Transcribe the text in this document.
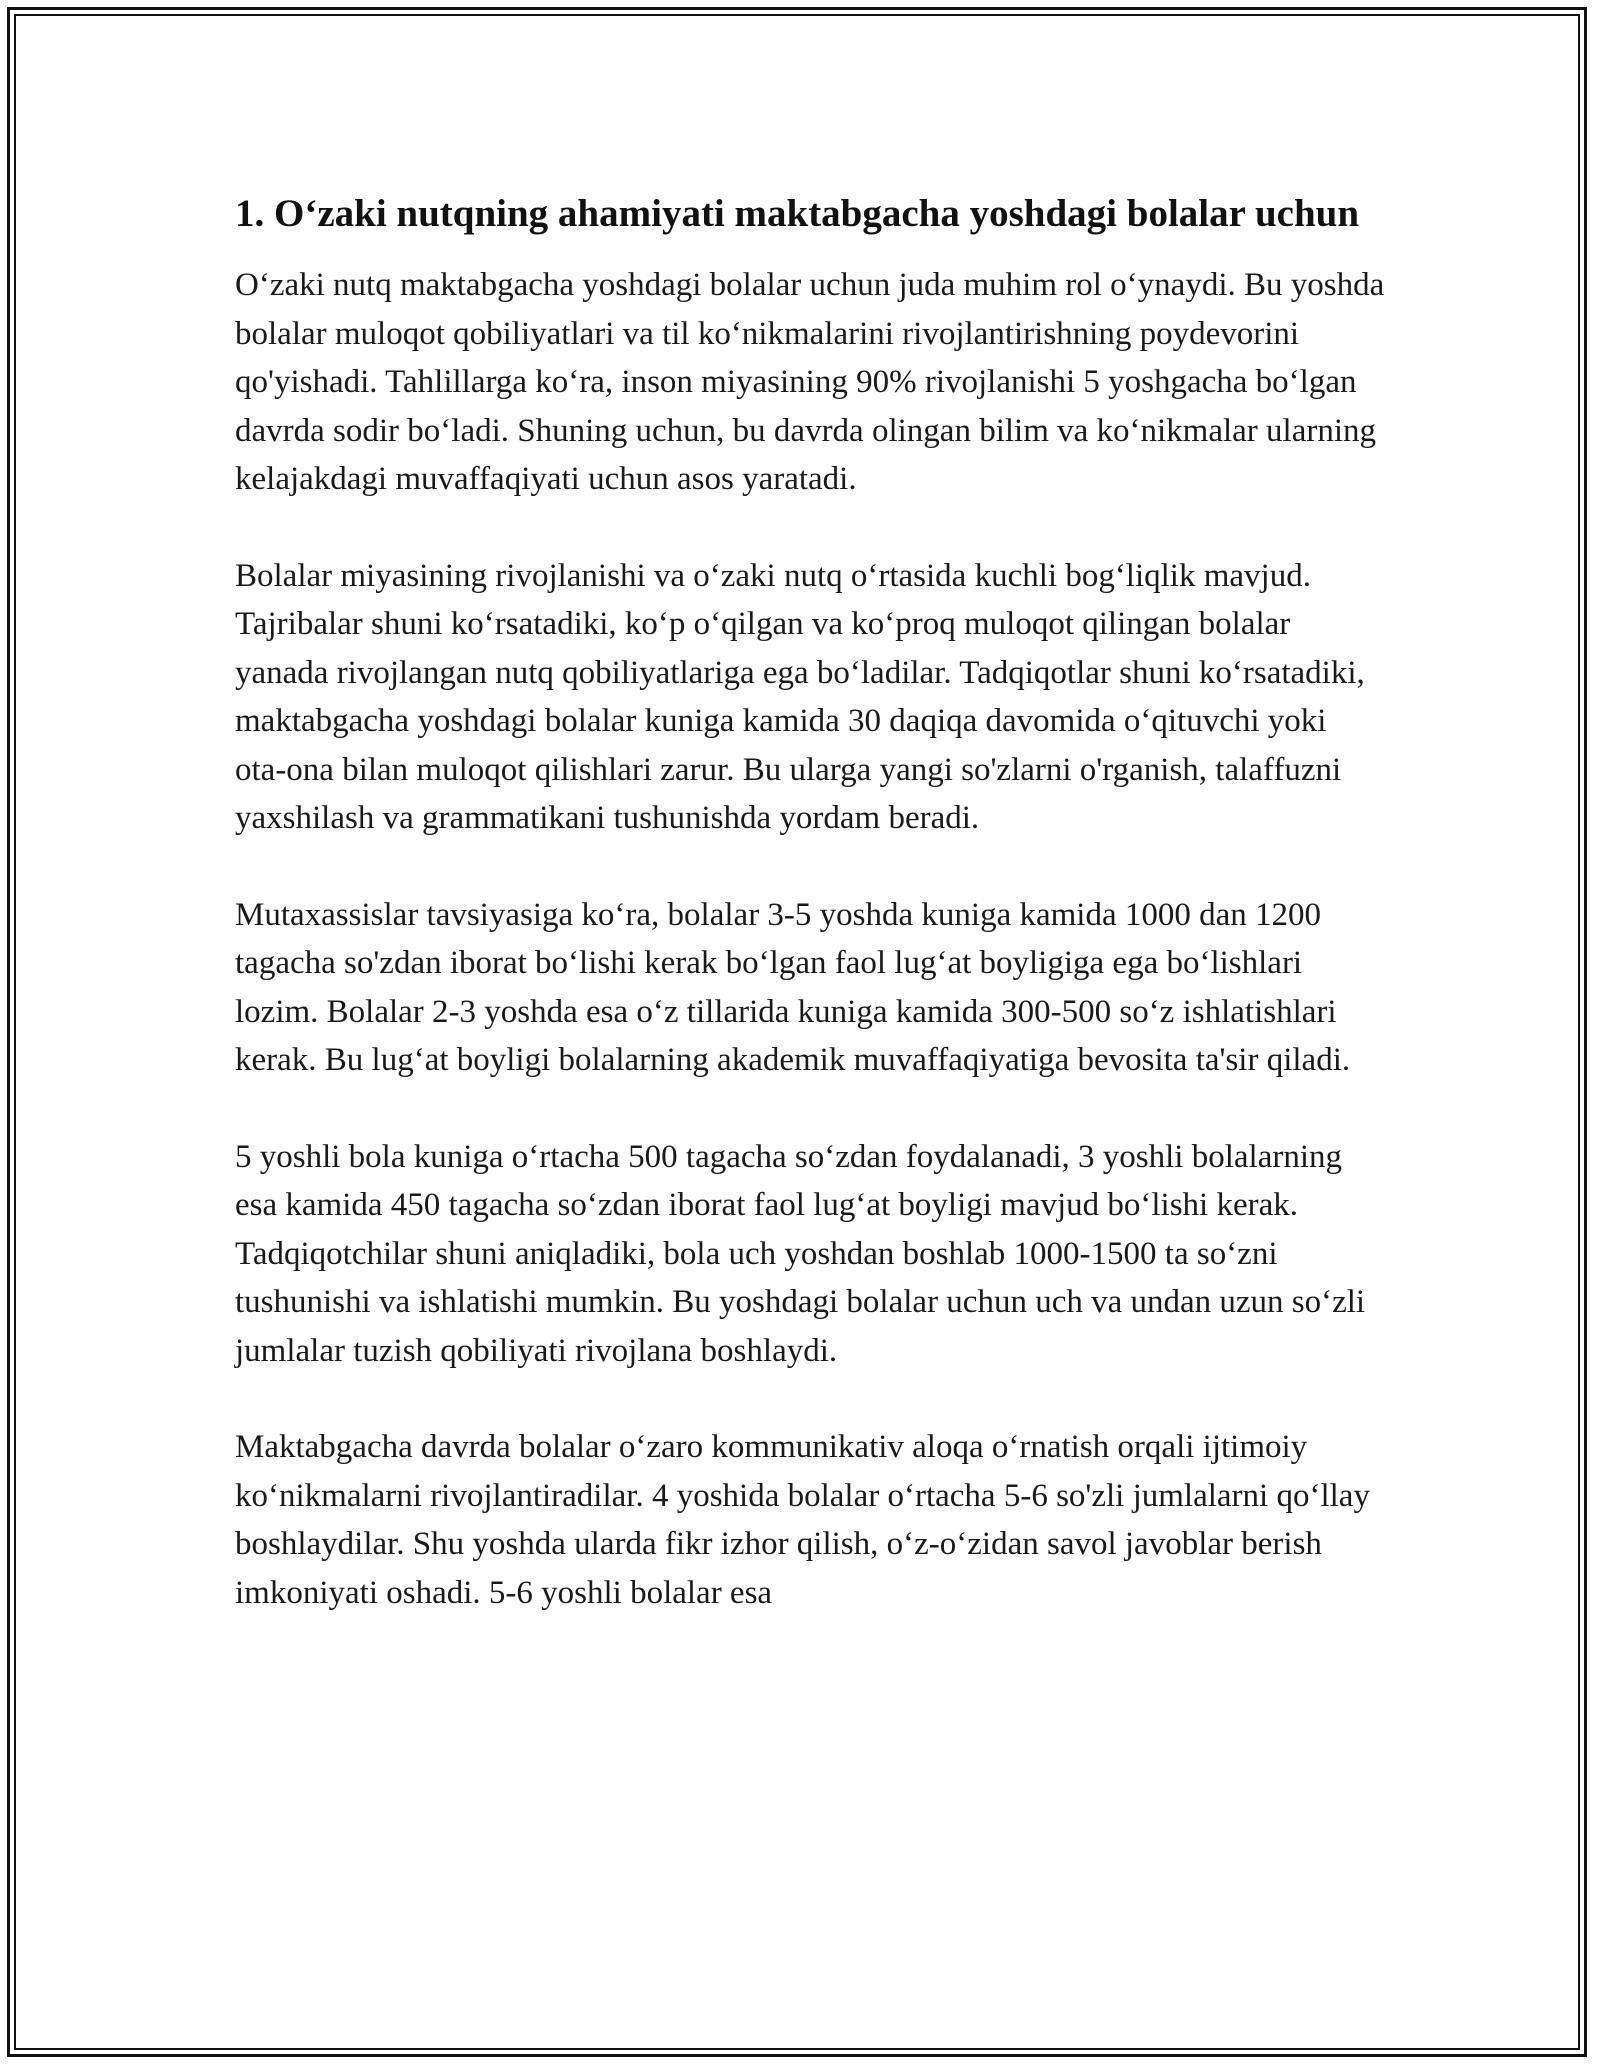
1. Oʻzaki nutqning ahamiyati maktabgacha yoshdagi bolalar uchun

Oʻzaki nutq maktabgacha yoshdagi bolalar uchun juda muhim rol oʻynaydi. Bu yoshda bolalar muloqot qobiliyatlari va til koʻnikmalarini rivojlantirishning poydevorini qo'yishadi. Tahlillarga koʻra, inson miyasining 90% rivojlanishi 5 yoshgacha boʻlgan davrda sodir boʻladi. Shuning uchun, bu davrda olingan bilim va koʻnikmalar ularning kelajakdagi muvaffaqiyati uchun asos yaratadi.

Bolalar miyasining rivojlanishi va oʻzaki nutq oʻrtasida kuchli bogʻliqlik mavjud. Tajribalar shuni koʻrsatadiki, koʻp oʻqilgan va koʻproq muloqot qilingan bolalar yanada rivojlangan nutq qobiliyatlariga ega boʻladilar. Tadqiqotlar shuni koʻrsatadiki, maktabgacha yoshdagi bolalar kuniga kamida 30 daqiqa davomida oʻqituvchi yoki ota-ona bilan muloqot qilishlari zarur. Bu ularga yangi so'zlarni o'rganish, talaffuzni yaxshilash va grammatikani tushunishda yordam beradi.

Mutaxassislar tavsiyasiga koʻra, bolalar 3-5 yoshda kuniga kamida 1000 dan 1200 tagacha so'zdan iborat boʻlishi kerak boʻlgan faol lugʻat boyligiga ega boʻlishlari lozim. Bolalar 2-3 yoshda esa oʻz tillarida kuniga kamida 300-500 soʻz ishlatishlari kerak. Bu lugʻat boyligi bolalarning akademik muvaffaqiyatiga bevosita ta'sir qiladi.

5 yoshli bola kuniga oʻrtacha 500 tagacha soʻzdan foydalanadi, 3 yoshli bolalarning esa kamida 450 tagacha soʻzdan iborat faol lugʻat boyligi mavjud boʻlishi kerak. Tadqiqotchilar shuni aniqladiki, bola uch yoshdan boshlab 1000-1500 ta soʻzni tushunishi va ishlatishi mumkin. Bu yoshdagi bolalar uchun uch va undan uzun soʻzli jumlalar tuzish qobiliyati rivojlana boshlaydi.

Maktabgacha davrda bolalar oʻzaro kommunikativ aloqa oʻrnatish orqali ijtimoiy koʻnikmalarni rivojlantiradilar. 4 yoshida bolalar oʻrtacha 5-6 so'zli jumlalarni qoʻllay boshlaydilar. Shu yoshda ularda fikr izhor qilish, oʻz-oʻzidan savol javoblar berish imkoniyati oshadi. 5-6 yoshli bolalar esa
